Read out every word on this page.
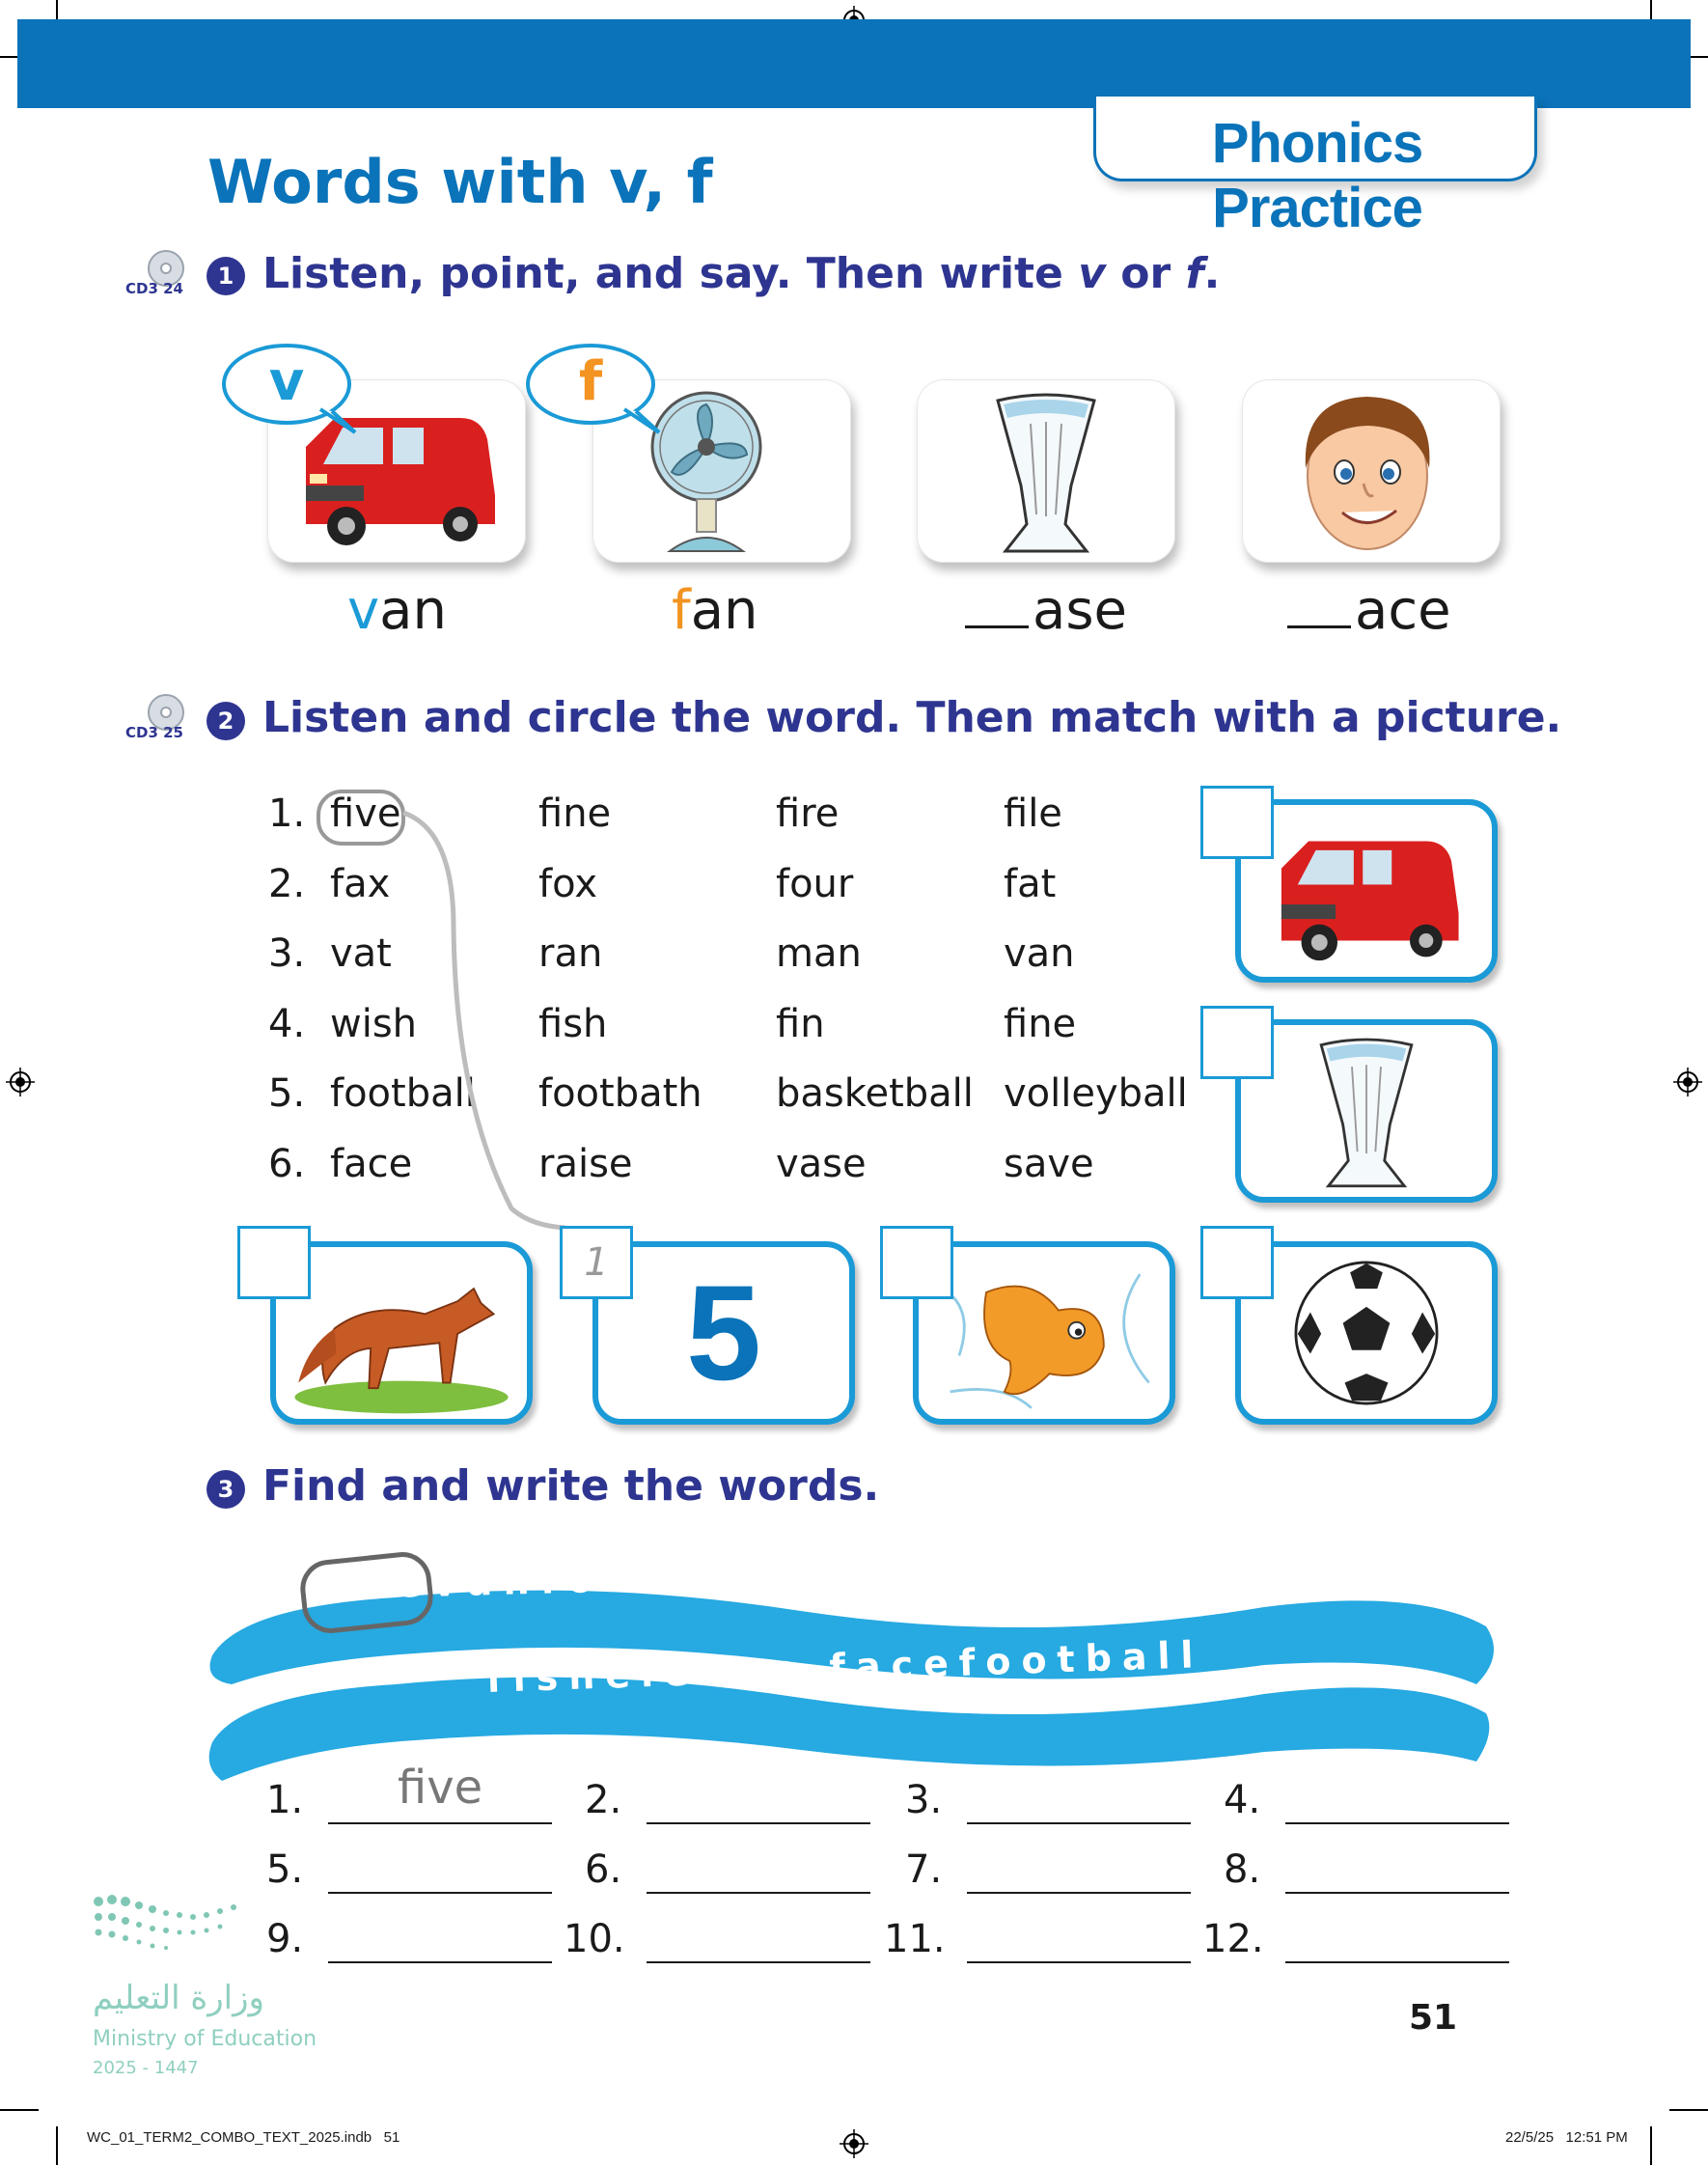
Phonics Practice
Words with v, f
CD3 24	1 Listen, point, and say. Then write v or f.
v	f
van	fan	ase	ace
CD3 25	2 Listen and circle the word. Then match with a picture.
1. five	fine	fire	file
2. fax	fox	four	fat
3. vat	ran	man	van
4. wish	fish	fin	fine
5. football footbath basketball volleyball
6. face	raise	vase	save
5
1
3 Find and write the words.
fivevanfoxfarmfoodfrogvaseseven
fisheleven facefootball
1.	2.	3.	4.
5.	6.	7.	8.
9.	10.	11.	12.
five
وزارة التعليم
Ministry of Education
2025 - 1447
51
WC_01_TERM2_COMBO_TEXT_2025.indb   51	22/5/25   12:51 PM
